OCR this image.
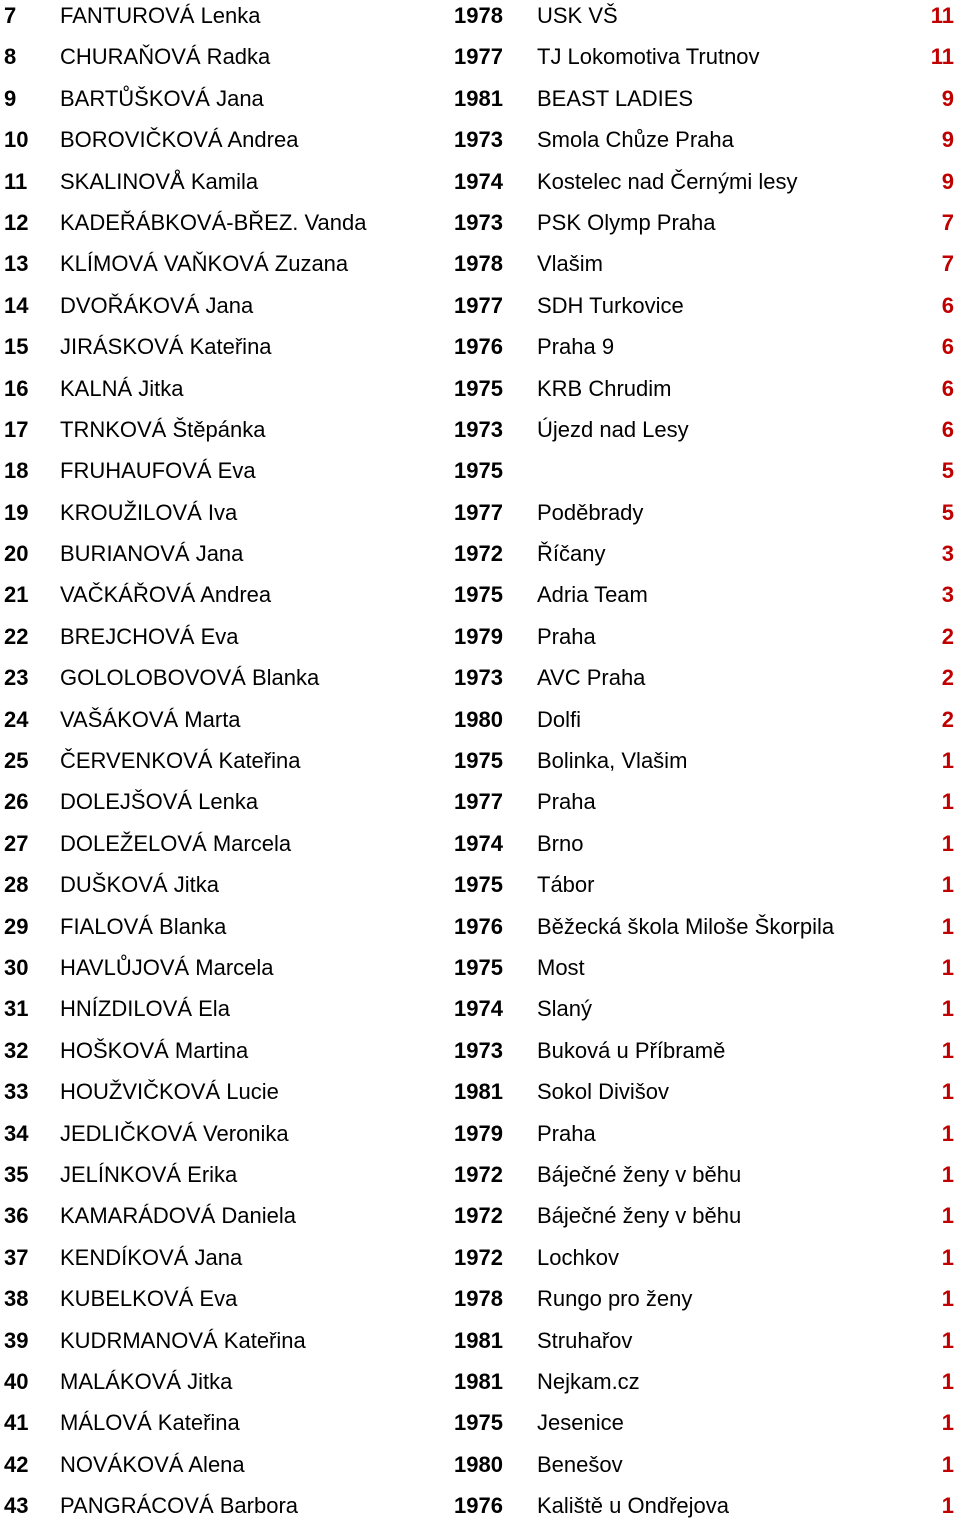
7 FANTUROVÁ Lenka	1978 USK VŠ	11
8 CHURAŇOVÁ Radka	1977 TJ Lokomotiva Trutnov	11
9 BARTŮŠKOVÁ Jana	1981 BEAST LADIES	9
10 BOROVIČKOVÁ Andrea	1973 Smola Chůze Praha	9
11 SKALINOVÅ Kamila	1974 Kostelec nad Černými lesy	9
12 KADEŘÁBKOVÁ-BŘEZ. Vanda	1973 PSK Olymp Praha	7
13 KLÍMOVÁ VAŇKOVÁ Zuzana	1978 Vlašim	7
14 DVOŘÁKOVÁ Jana	1977 SDH Turkovice	6
15 JIRÁSKOVÁ Kateřina	1976 Praha 9	6
16 KALNÁ Jitka	1975 KRB Chrudim	6
17 TRNKOVÁ Štěpánka	1973 Újezd nad Lesy	6
18 FRUHAUFOVÁ Eva	1975	5
19 KROUŽILOVÁ Iva	1977 Poděbrady	5
20 BURIANOVÁ Jana	1972 Říčany	3
21 VAČKÁŘOVÁ Andrea	1975 Adria Team	3
22 BREJCHOVÁ Eva	1979 Praha	2
23 GOLOLOBOVOVÁ Blanka	1973 AVC Praha	2
24 VAŠÁKOVÁ Marta	1980 Dolfi	2
25 ČERVENKOVÁ Kateřina	1975 Bolinka, Vlašim	1
26 DOLEJŠOVÁ Lenka	1977 Praha	1
27 DOLEŽELOVÁ Marcela	1974 Brno	1
28 DUŠKOVÁ Jitka	1975 Tábor	1
29 FIALOVÁ Blanka	1976 Běžecká škola Miloše Škorpila	1
30 HAVLŮJOVÁ Marcela	1975 Most	1
31 HNÍZDILOVÁ Ela	1974 Slaný	1
32 HOŠKOVÁ Martina	1973 Buková u Příbramě	1
33 HOUŽVIČKOVÁ Lucie	1981 Sokol Divišov	1
34 JEDLIČKOVÁ Veronika	1979 Praha	1
35 JELÍNKOVÁ Erika	1972 Báječné ženy v běhu	1
36 KAMARÁDOVÁ Daniela	1972 Báječné ženy v běhu	1
37 KENDÍKOVÁ Jana	1972 Lochkov	1
38 KUBELKOVÁ Eva	1978 Rungo pro ženy	1
39 KUDRMANOVÁ Kateřina	1981 Struhařov	1
40 MALÁKOVÁ Jitka	1981 Nejkam.cz	1
41 MÁLOVÁ Kateřina	1975 Jesenice	1
42 NOVÁKOVÁ Alena	1980 Benešov	1
43 PANGRÁCOVÁ Barbora	1976 Kaliště u Ondřejova	1
